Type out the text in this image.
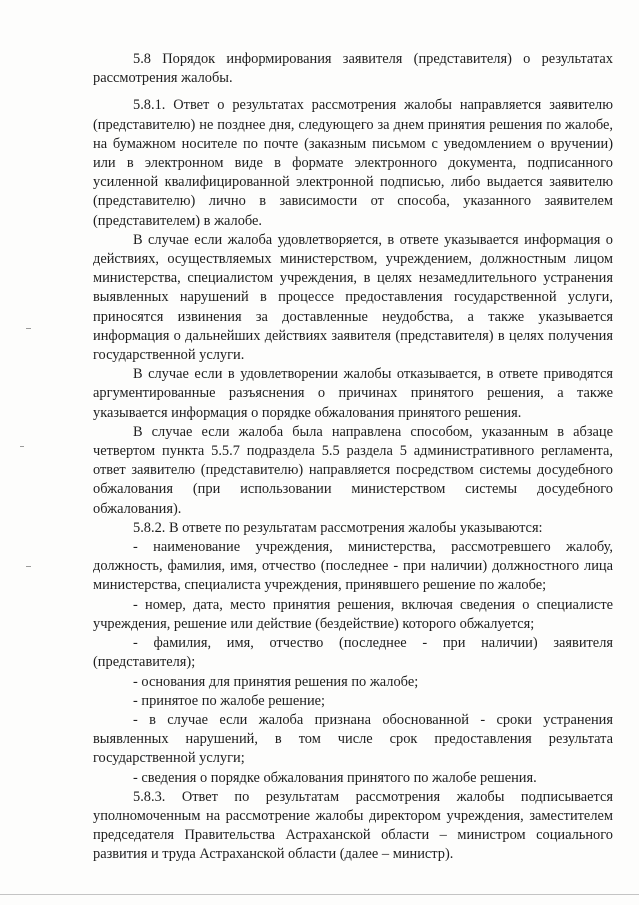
5.8 Порядок информирования заявителя (представителя) о результатах рассмотрения жалобы.

5.8.1. Ответ о результатах рассмотрения жалобы направляется заявителю (представителю) не позднее дня, следующего за днем принятия решения по жалобе, на бумажном носителе по почте (заказным письмом с уведомлением о вручении) или в электронном виде в формате электронного документа, подписанного усиленной квалифицированной электронной подписью, либо выдается заявителю (представителю) лично в зависимости от способа, указанного заявителем (представителем) в жалобе.

В случае если жалоба удовлетворяется, в ответе указывается информация о действиях, осуществляемых министерством, учреждением, должностным лицом министерства, специалистом учреждения, в целях незамедлительного устранения выявленных нарушений в процессе предоставления государственной услуги, приносятся извинения за доставленные неудобства, а также указывается информация о дальнейших действиях заявителя (представителя) в целях получения государственной услуги.

В случае если в удовлетворении жалобы отказывается, в ответе приводятся аргументированные разъяснения о причинах принятого решения, а также указывается информация о порядке обжалования принятого решения.

В случае если жалоба была направлена способом, указанным в абзаце четвертом пункта 5.5.7 подраздела 5.5 раздела 5 административного регламента, ответ заявителю (представителю) направляется посредством системы досудебного обжалования (при использовании министерством системы досудебного обжалования).

5.8.2. В ответе по результатам рассмотрения жалобы указываются:

- наименование учреждения, министерства, рассмотревшего жалобу, должность, фамилия, имя, отчество (последнее - при наличии) должностного лица министерства, специалиста учреждения, принявшего решение по жалобе;

- номер, дата, место принятия решения, включая сведения о специалисте учреждения, решение или действие (бездействие) которого обжалуется;

- фамилия, имя, отчество (последнее - при наличии) заявителя (представителя);

- основания для принятия решения по жалобе;

- принятое по жалобе решение;

- в случае если жалоба признана обоснованной - сроки устранения выявленных нарушений, в том числе срок предоставления результата государственной услуги;

- сведения о порядке обжалования принятого по жалобе решения.

5.8.3. Ответ по результатам рассмотрения жалобы подписывается уполномоченным на рассмотрение жалобы директором учреждения, заместителем председателя Правительства Астраханской области – министром социального развития и труда Астраханской области (далее – министр).
